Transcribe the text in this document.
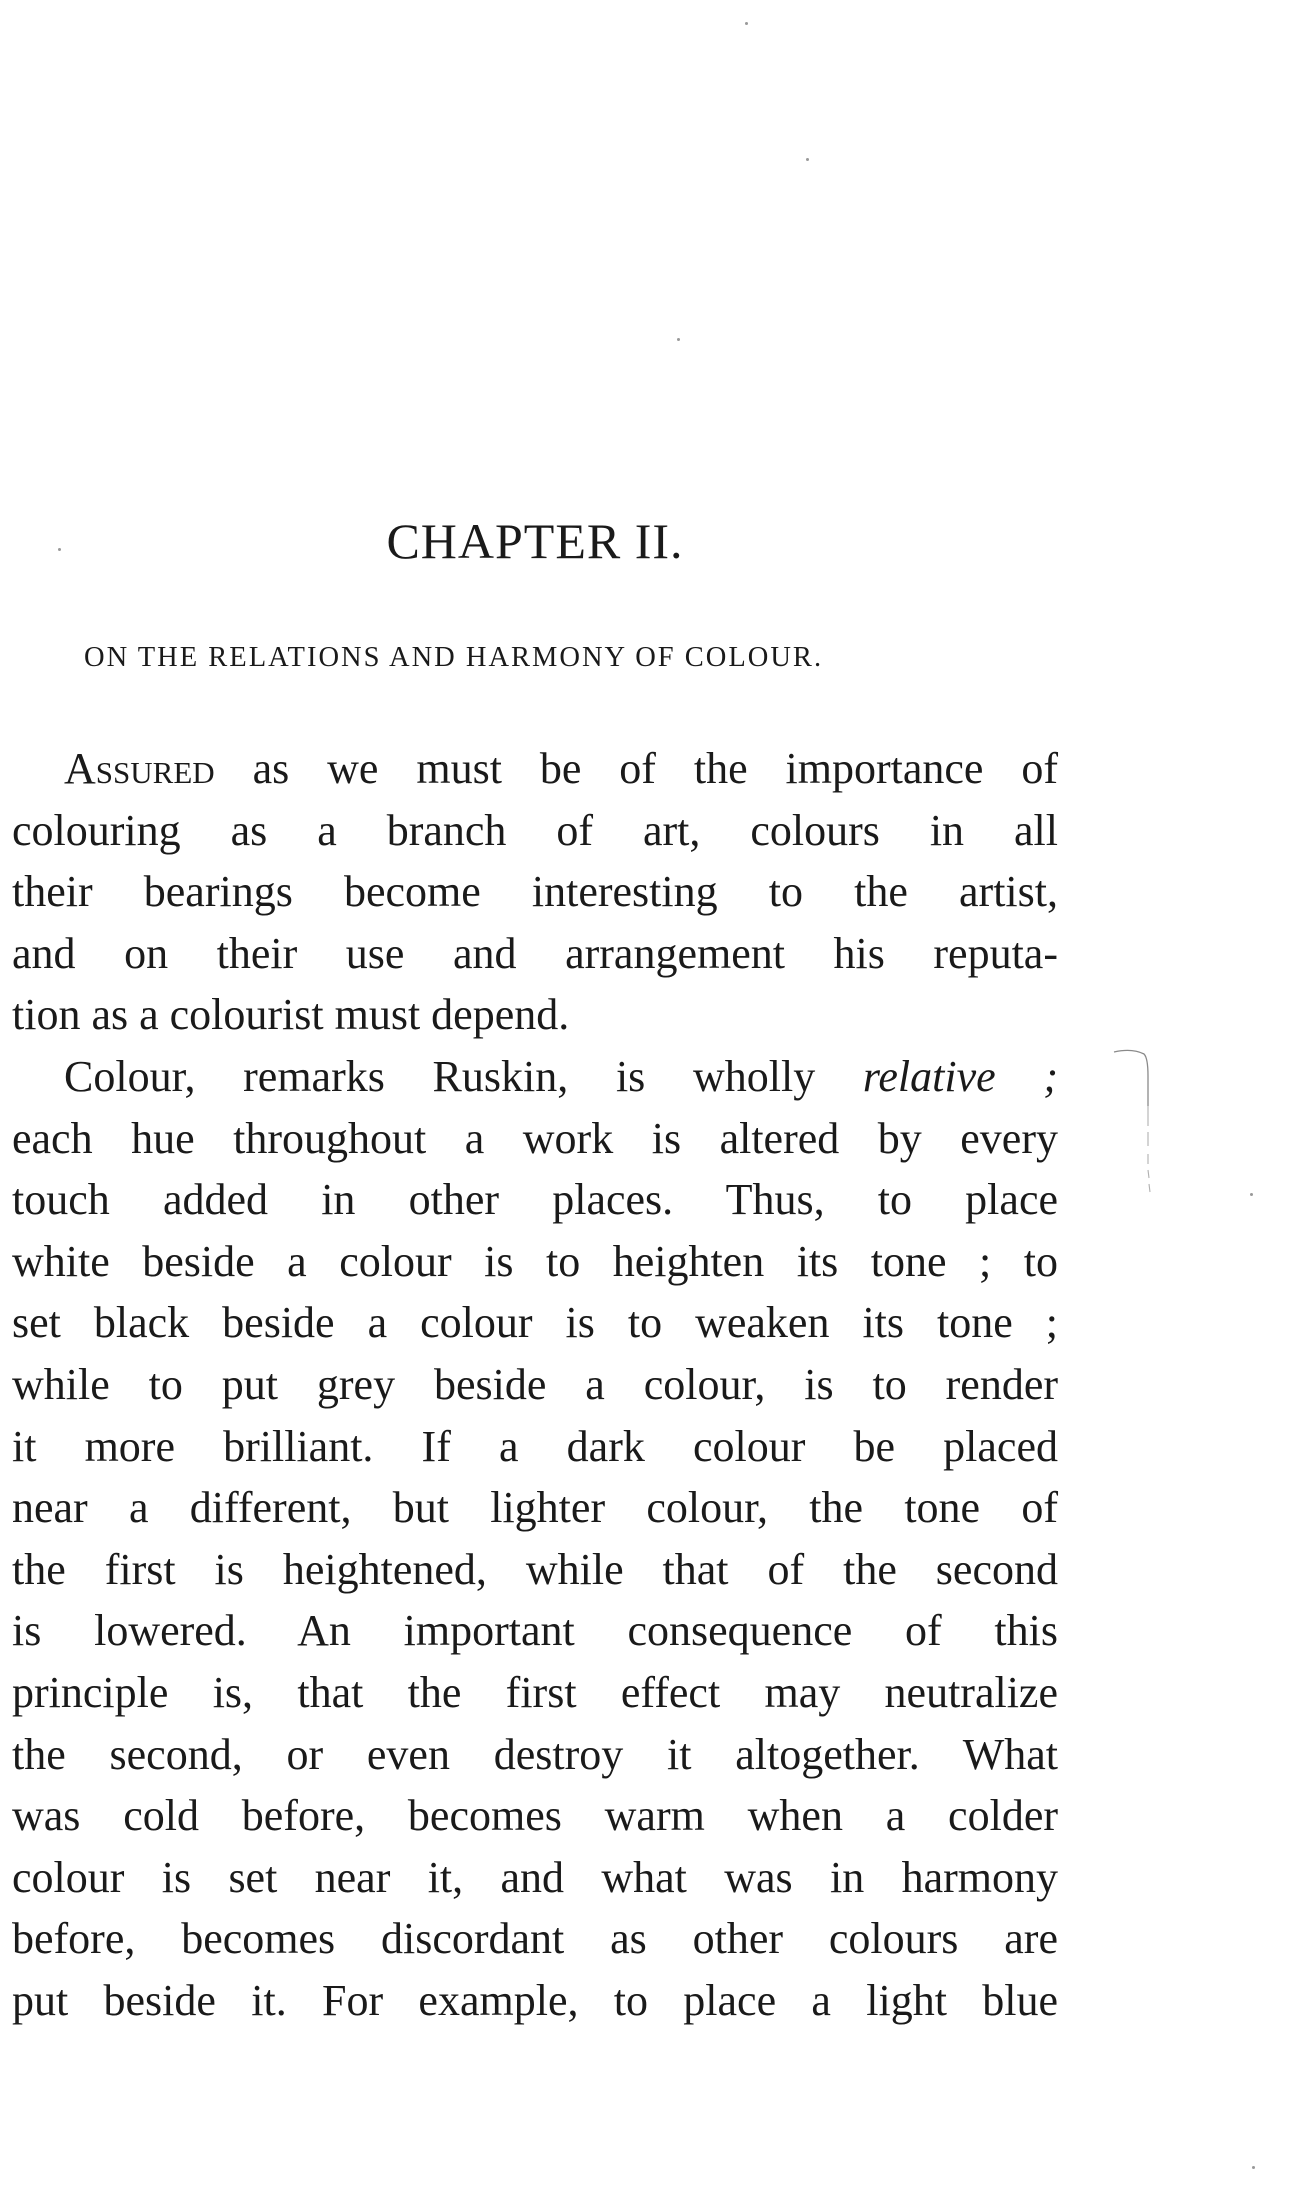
CHAPTER II.
ON THE RELATIONS AND HARMONY OF COLOUR.
Assured as we must be of the importance of
colouring as a branch of art, colours in all
their bearings become interesting to the artist,
and on their use and arrangement his reputa-
tion as a colourist must depend.
Colour, remarks Ruskin, is wholly relative ;
each hue throughout a work is altered by every
touch added in other places. Thus, to place
white beside a colour is to heighten its tone ; to
set black beside a colour is to weaken its tone ;
while to put grey beside a colour, is to render
it more brilliant. If a dark colour be placed
near a different, but lighter colour, the tone of
the first is heightened, while that of the second
is lowered. An important consequence of this
principle is, that the first effect may neutralize
the second, or even destroy it altogether. What
was cold before, becomes warm when a colder
colour is set near it, and what was in harmony
before, becomes discordant as other colours are
put beside it. For example, to place a light blue
